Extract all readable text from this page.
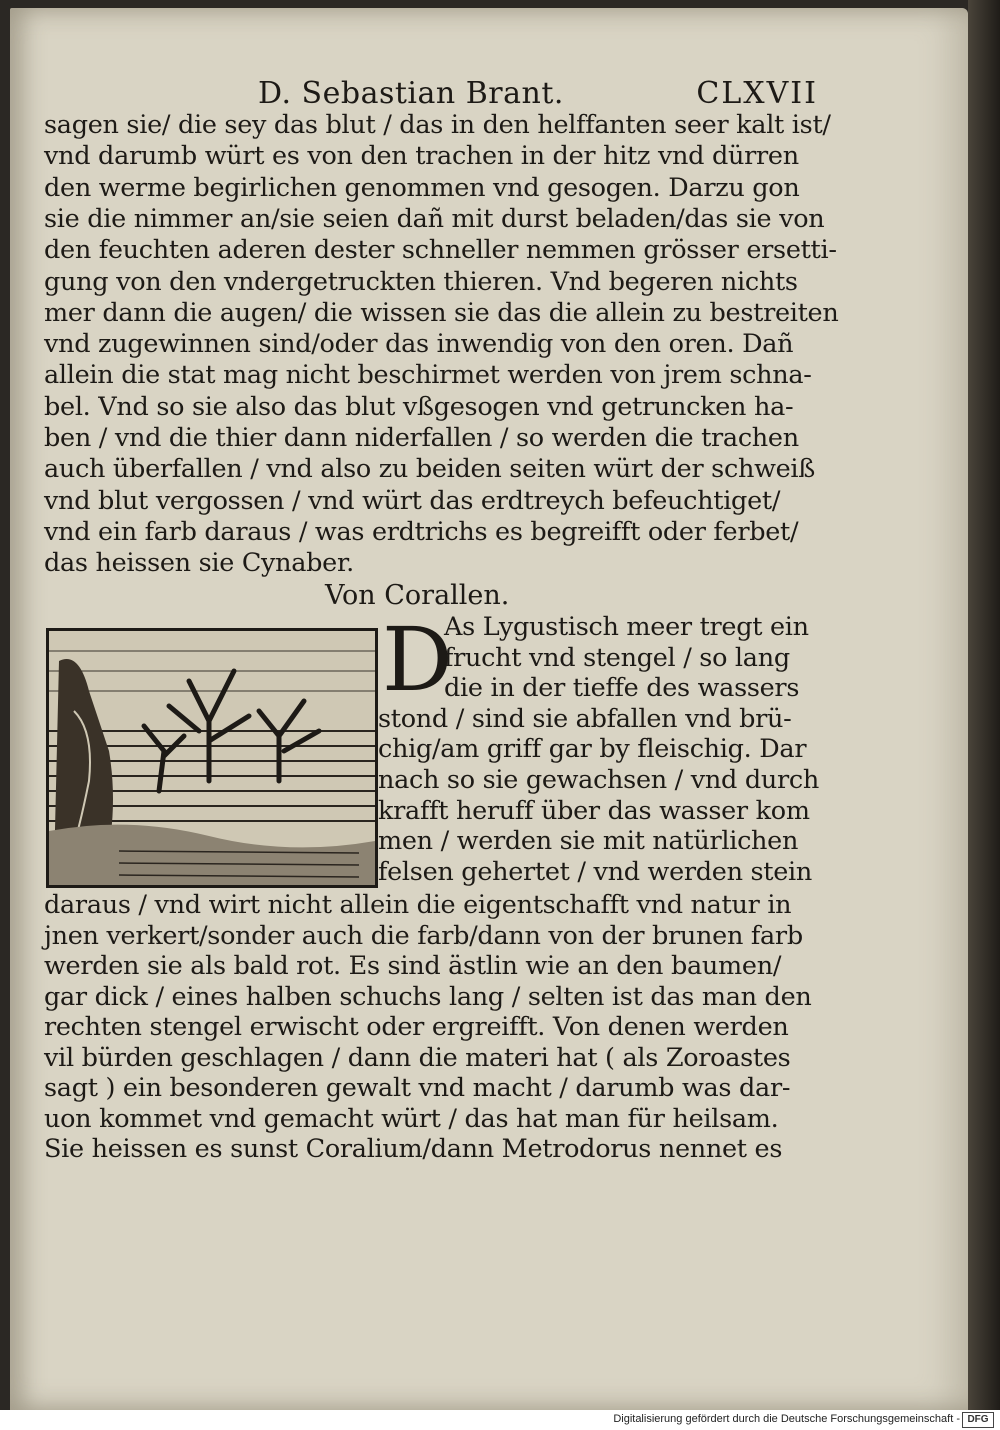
D. Sebastian Brant.	CLXVII
sagen sie/ die sey das blut / das in den helffanten seer kalt ist/
vnd darumb würt es von den trachen in der hitz vnd dürren
den werme begirlichen genommen vnd gesogen. Darzu gon
sie die nimmer an/sie seien dañ mit durst beladen/das sie von
den feuchten aderen dester schneller nemmen grösser ersetti-
gung von den vndergetruckten thieren. Vnd begeren nichts
mer dann die augen/ die wissen sie das die allein zu bestreiten
vnd zugewinnen sind/oder das inwendig von den oren. Dañ
allein die stat mag nicht beschirmet werden von jrem schna-
bel. Vnd so sie also das blut vßgesogen vnd getruncken ha-
ben / vnd die thier dann niderfallen / so werden die trachen
auch überfallen / vnd also zu beiden seiten würt der schweiß
vnd blut vergossen / vnd würt das erdtreych befeuchtiget/
vnd ein farb daraus / was erdtrichs es begreifft oder ferbet/
das heissen sie Cynaber.
Von Corallen.
D
As Lygustisch meer tregt ein
frucht vnd stengel / so lang
die in der tieffe des wassers
stond / sind sie abfallen vnd brü-
chig/am griff gar by fleischig. Dar
nach so sie gewachsen / vnd durch
krafft heruff über das wasser kom
men / werden sie mit natürlichen
felsen gehertet / vnd werden stein
daraus / vnd wirt nicht allein die eigentschafft vnd natur in
jnen verkert/sonder auch die farb/dann von der brunen farb
werden sie als bald rot. Es sind ästlin wie an den baumen/
gar dick / eines halben schuchs lang / selten ist das man den
rechten stengel erwischt oder ergreifft. Von denen werden
vil bürden geschlagen / dann die materi hat ( als Zoroastes
sagt ) ein besonderen gewalt vnd macht / darumb was dar-
uon kommet vnd gemacht würt / das hat man für heilsam.
Sie heissen es sunst Coralium/dann Metrodorus nennet es
Digitalisierung gefördert durch die Deutsche Forschungsgemeinschaft - DFG
